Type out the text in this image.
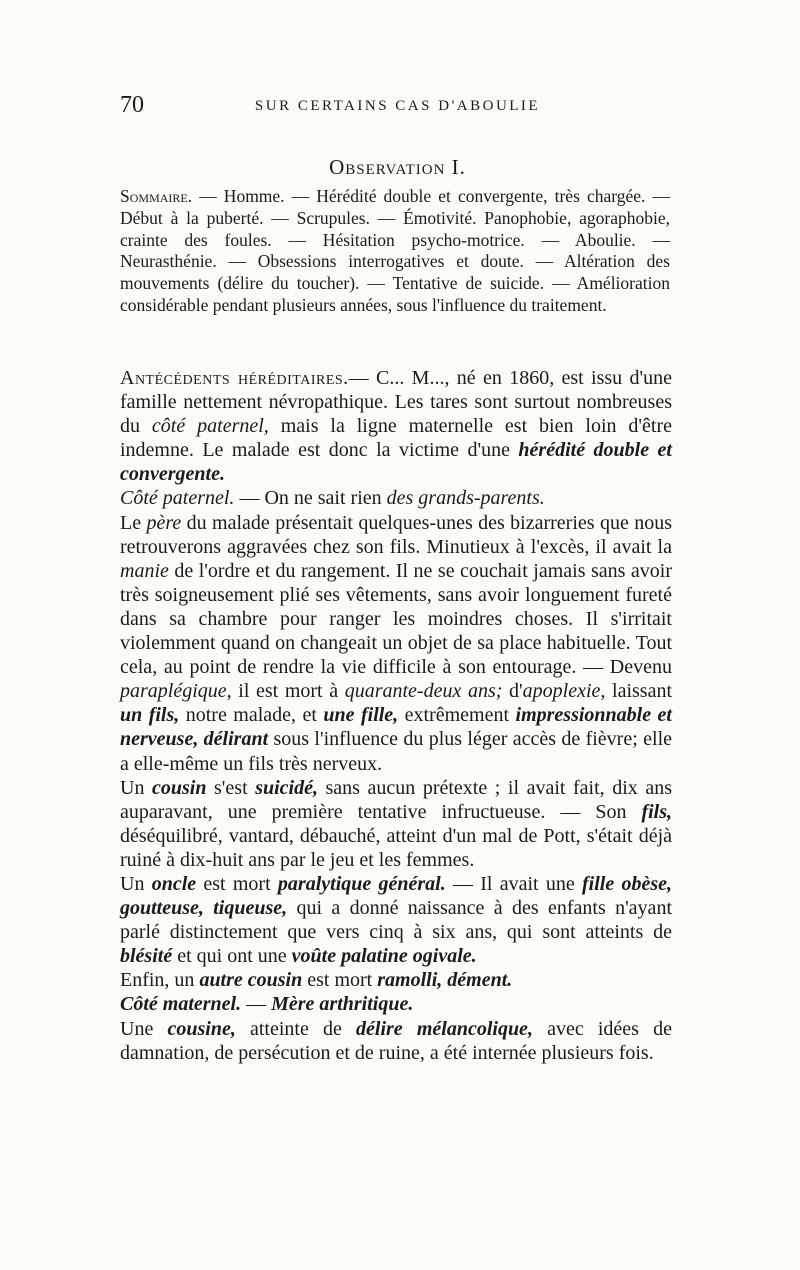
70	SUR CERTAINS CAS D'ABOULIE
Observation I.
Sommaire. — Homme. — Hérédité double et convergente, très chargée. — Début à la puberté. — Scrupules. — Émotivité. Panophobie, agoraphobie, crainte des foules. — Hésitation psycho-motrice. — Aboulie. — Neurasthénie. — Obsessions interrogatives et doute. — Altération des mouvements (délire du toucher). — Tentative de suicide. — Amélioration considérable pendant plusieurs années, sous l'influence du traitement.

Antécédents héréditaires.— C... M..., né en 1860, est issu d'une famille nettement névropathique. Les tares sont surtout nombreuses du côté paternel, mais la ligne maternelle est bien loin d'être indemne. Le malade est donc la victime d'une hérédité double et convergente.

Côté paternel. — On ne sait rien des grands-parents.

Le père du malade présentait quelques-unes des bizarreries que nous retrouverons aggravées chez son fils. Minutieux à l'excès, il avait la manie de l'ordre et du rangement. Il ne se couchait jamais sans avoir très soigneusement plié ses vêtements, sans avoir longuement fureté dans sa chambre pour ranger les moindres choses. Il s'irritait violemment quand on changeait un objet de sa place habituelle. Tout cela, au point de rendre la vie difficile à son entourage. — Devenu paraplégique, il est mort à quarante-deux ans; d'apoplexie, laissant un fils, notre malade, et une fille, extrêmement impressionnable et nerveuse, délirant sous l'influence du plus léger accès de fièvre; elle a elle-même un fils très nerveux.

Un cousin s'est suicidé, sans aucun prétexte ; il avait fait, dix ans auparavant, une première tentative infructueuse. — Son fils, déséquilibré, vantard, débauché, atteint d'un mal de Pott, s'était déjà ruiné à dix-huit ans par le jeu et les femmes.

Un oncle est mort paralytique général. — Il avait une fille obèse, goutteuse, tiqueuse, qui a donné naissance à des enfants n'ayant parlé distinctement que vers cinq à six ans, qui sont atteints de blésité et qui ont une voûte palatine ogivale.

Enfin, un autre cousin est mort ramolli, dément.

Côté maternel. — Mère arthritique.

Une cousine, atteinte de délire mélancolique, avec idées de damnation, de persécution et de ruine, a été internée plusieurs fois.
